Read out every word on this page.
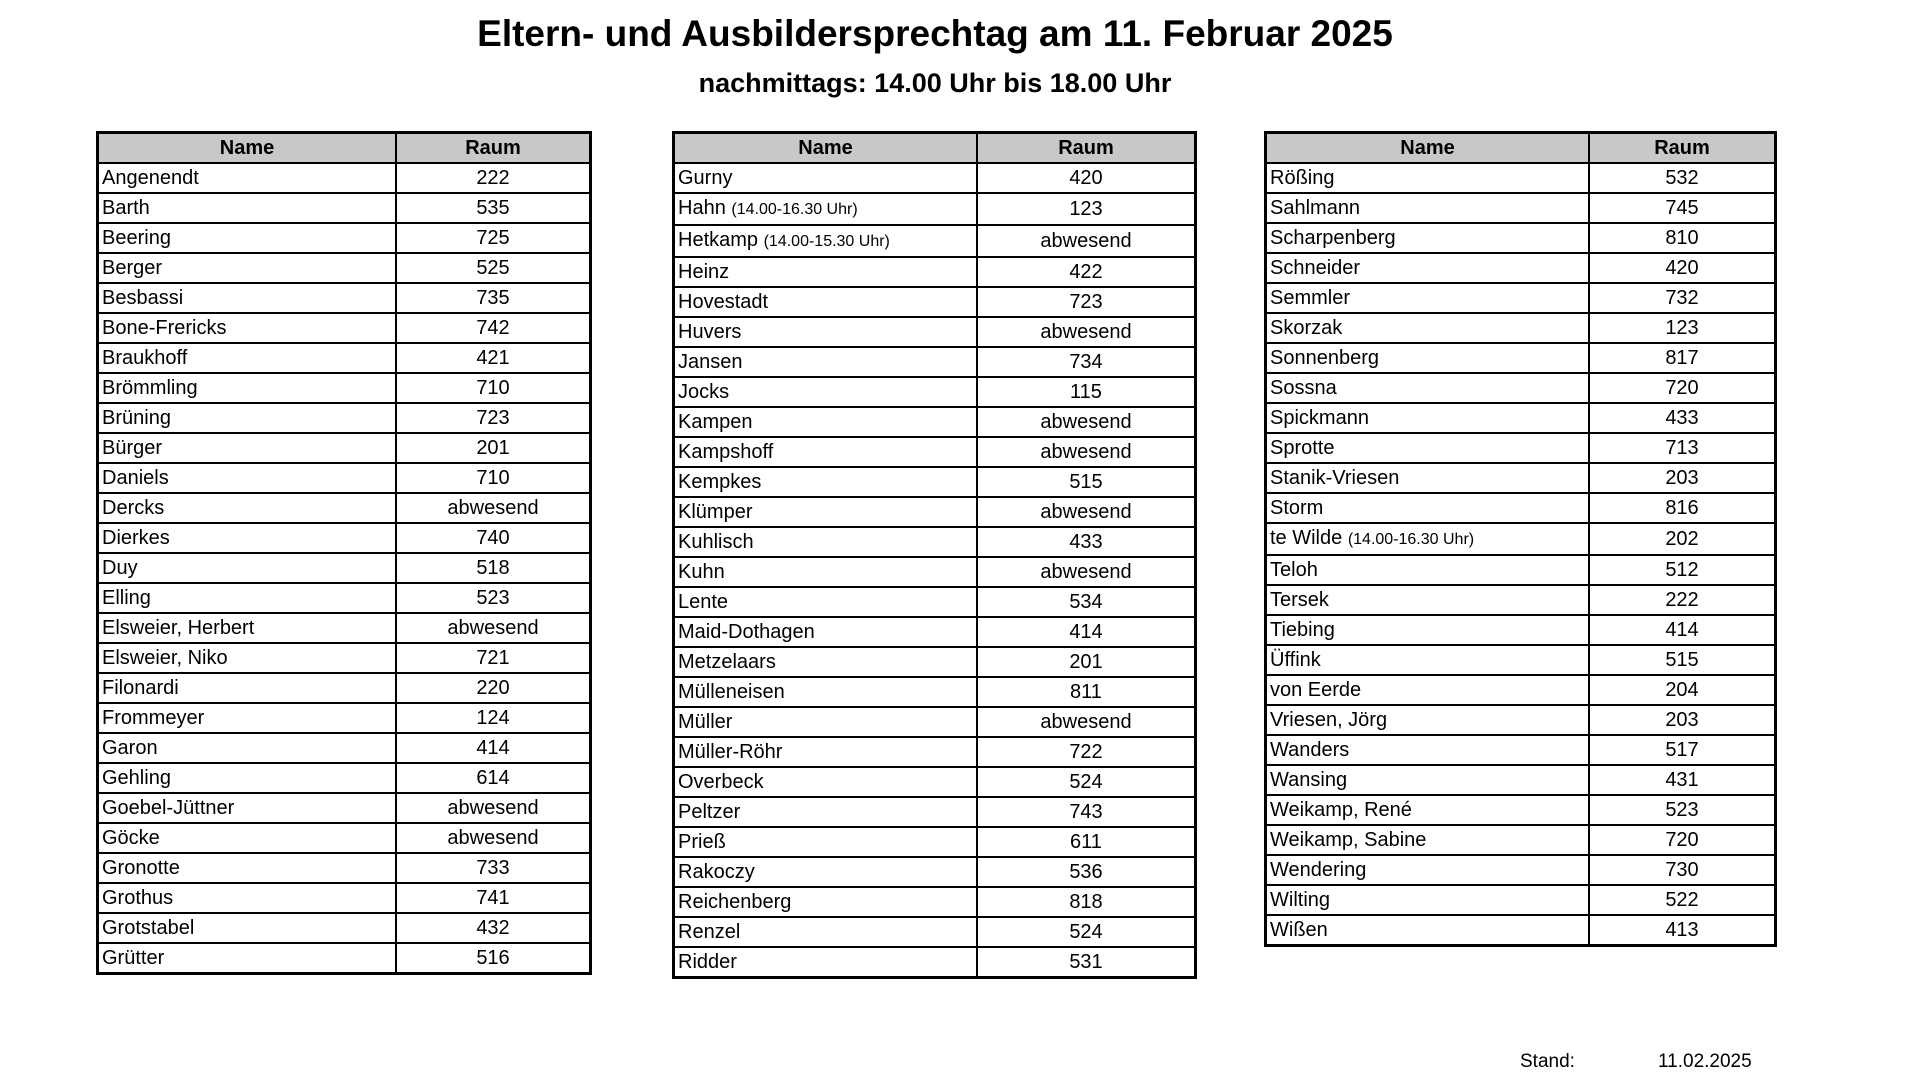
Eltern- und Ausbildersprechtag am 11. Februar 2025
nachmittags: 14.00 Uhr bis 18.00 Uhr
Name	Raum
Angenendt	222
Barth	535
Beering	725
Berger	525
Besbassi	735
Bone-Frericks	742
Braukhoff	421
Brömmling	710
Brüning	723
Bürger	201
Daniels	710
Dercks	abwesend
Dierkes	740
Duy	518
Elling	523
Elsweier, Herbert	abwesend
Elsweier, Niko	721
Filonardi	220
Frommeyer	124
Garon	414
Gehling	614
Goebel-Jüttner	abwesend
Göcke	abwesend
Gronotte	733
Grothus	741
Grotstabel	432
Grütter	516
Name	Raum
Gurny	420
Hahn (14.00-16.30 Uhr)	123
Hetkamp (14.00-15.30 Uhr)	abwesend
Heinz	422
Hovestadt	723
Huvers	abwesend
Jansen	734
Jocks	115
Kampen	abwesend
Kampshoff	abwesend
Kempkes	515
Klümper	abwesend
Kuhlisch	433
Kuhn	abwesend
Lente	534
Maid-Dothagen	414
Metzelaars	201
Mülleneisen	811
Müller	abwesend
Müller-Röhr	722
Overbeck	524
Peltzer	743
Prieß	611
Rakoczy	536
Reichenberg	818
Renzel	524
Ridder	531
Name	Raum
Rößing	532
Sahlmann	745
Scharpenberg	810
Schneider	420
Semmler	732
Skorzak	123
Sonnenberg	817
Sossna	720
Spickmann	433
Sprotte	713
Stanik-Vriesen	203
Storm	816
te Wilde (14.00-16.30 Uhr)	202
Teloh	512
Tersek	222
Tiebing	414
Üffink	515
von Eerde	204
Vriesen, Jörg	203
Wanders	517
Wansing	431
Weikamp, René	523
Weikamp, Sabine	720
Wendering	730
Wilting	522
Wißen	413
Stand:	11.02.2025
